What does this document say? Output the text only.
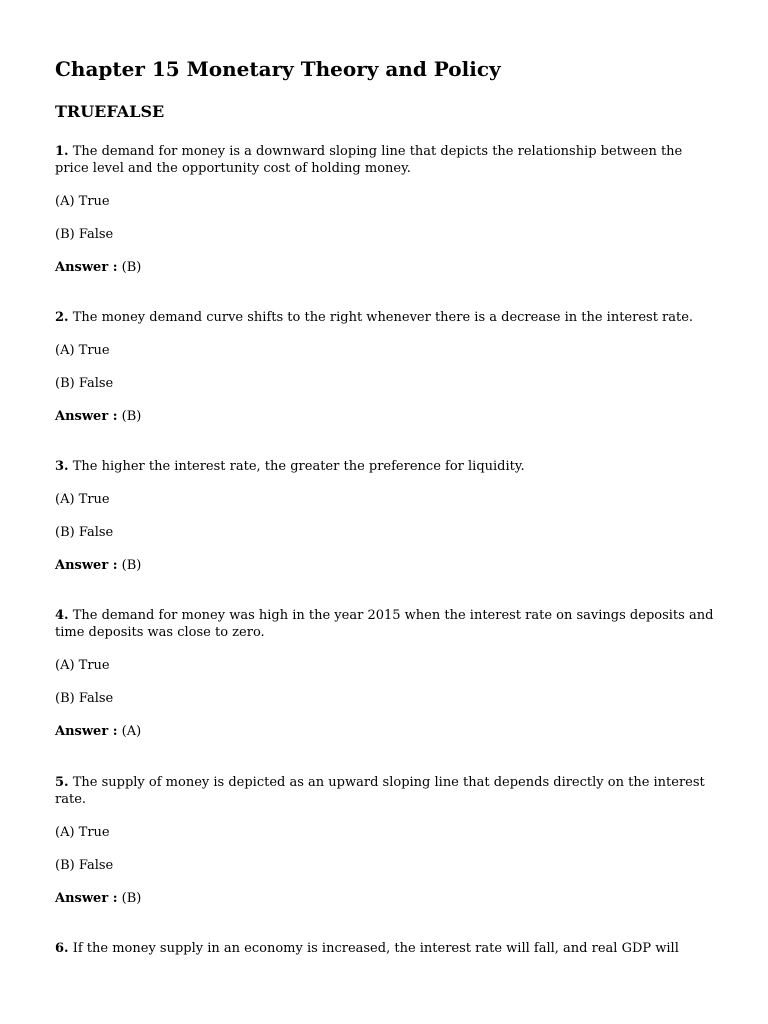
Chapter 15 Monetary Theory and Policy
TRUEFALSE

1. The demand for money is a downward sloping line that depicts the relationship between the price level and the opportunity cost of holding money.

(A) True

(B) False

Answer : (B)

2. The money demand curve shifts to the right whenever there is a decrease in the interest rate.

(A) True

(B) False

Answer : (B)

3. The higher the interest rate, the greater the preference for liquidity.

(A) True

(B) False

Answer : (B)

4. The demand for money was high in the year 2015 when the interest rate on savings deposits and time deposits was close to zero.

(A) True

(B) False

Answer : (A)

5. The supply of money is depicted as an upward sloping line that depends directly on the interest rate.

(A) True

(B) False

Answer : (B)

6. If the money supply in an economy is increased, the interest rate will fall, and real GDP will
